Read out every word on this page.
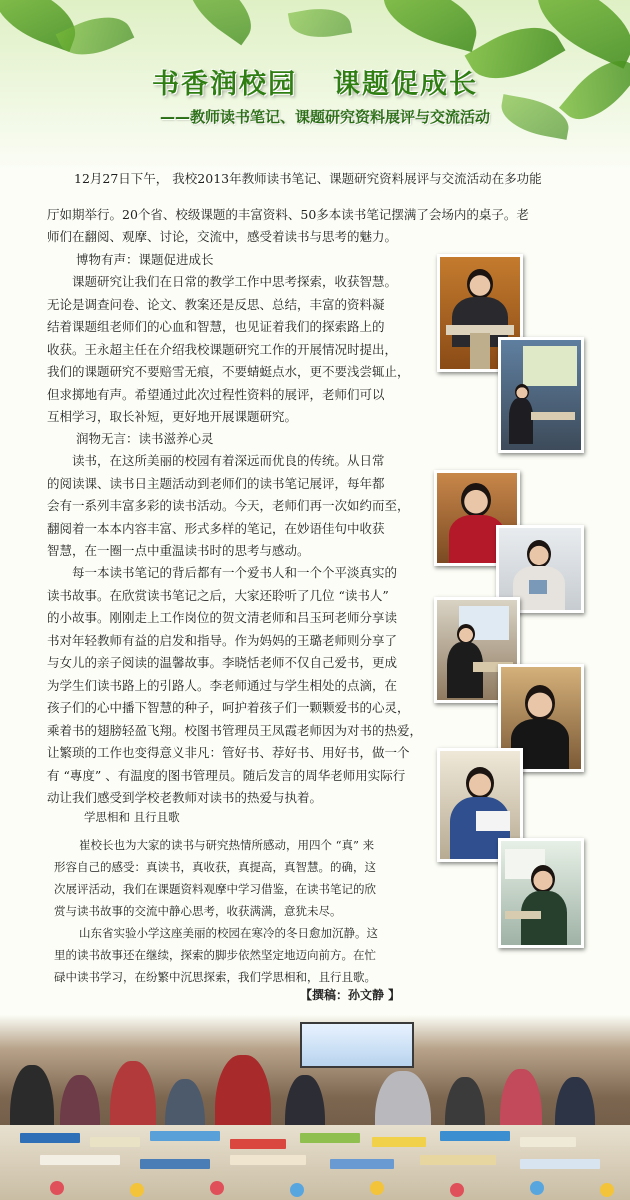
书香润校园 课题促成长
——教师读书笔记、课题研究资料展评与交流活动

12月27日下午， 我校2013年教师读书笔记、课题研究资料展评与交流活动在多功能

厅如期举行。20个省、校级课题的丰富资料、50多本读书笔记摆满了会场内的桌子。老

师们在翻阅、观摩、讨论，交流中，感受着读书与思考的魅力。

博物有声：课题促进成长

课题研究让我们在日常的教学工作中思考探索，收获智慧。
无论是调查问卷、论文、教案还是反思、总结，丰富的资料凝
结着课题组老师们的心血和智慧，也见证着我们的探索路上的
收获。王永超主任在介绍我校课题研究工作的开展情况时提出，
我们的课题研究不要赔雪无痕，不要蜻蜓点水，更不要浅尝辄止，
但求掷地有声。希望通过此次过程性资料的展评，老师们可以
互相学习，取长补短，更好地开展课题研究。

润物无言：读书滋养心灵

读书，在这所美丽的校园有着深远而优良的传统。从日常
的阅读课、读书日主题活动到老师们的读书笔记展评，每年都
会有一系列丰富多彩的读书活动。今天，老师们再一次如约而至，
翻阅着一本本内容丰富、形式多样的笔记，在妙语佳句中收获
智慧，在一圈一点中重温读书时的思考与感动。
每一本读书笔记的背后都有一个爱书人和一个个平淡真实的
读书故事。在欣赏读书笔记之后，大家还聆听了几位 “读书人”
的小故事。刚刚走上工作岗位的贺文清老师和吕玉珂老师分享读
书对年轻教师有益的启发和指导。作为妈妈的王璐老师则分享了
与女儿的亲子阅读的温馨故事。李晓恬老师不仅自己爱书，更成
为学生们读书路上的引路人。李老师通过与学生相处的点滴，在
孩子们的心中播下智慧的种子，呵护着孩子们一颗颗爱书的心灵，
乘着书的翅膀轻盈飞翔。校图书管理员王凤霞老师因为对书的热爱，
让繁琐的工作也变得意义非凡：管好书、荐好书、用好书，做一个
有 “專度” 、有温度的图书管理员。随后发言的周华老师用实际行
动让我们感受到学校老教师对读书的热爱与执着。

学思相和 且行且歌

崔校长也为大家的读书与研究热情所感动，用四个 “真” 来
形容自己的感受：真读书，真收获，真提高，真智慧。的确，这
次展评活动，我们在课题资料观摩中学习借鉴，在读书笔记的欣
赏与读书故事的交流中静心思考，收获满满，意犹未尽。
山东省实验小学这座美丽的校园在寒冷的冬日愈加沉静。这
里的读书故事还在继续，探索的脚步依然坚定地迈向前方。在忙
碌中读书学习，在纷繁中沉思探索，我们学思相和，且行且歌。
【撰稿：孙文静 】
